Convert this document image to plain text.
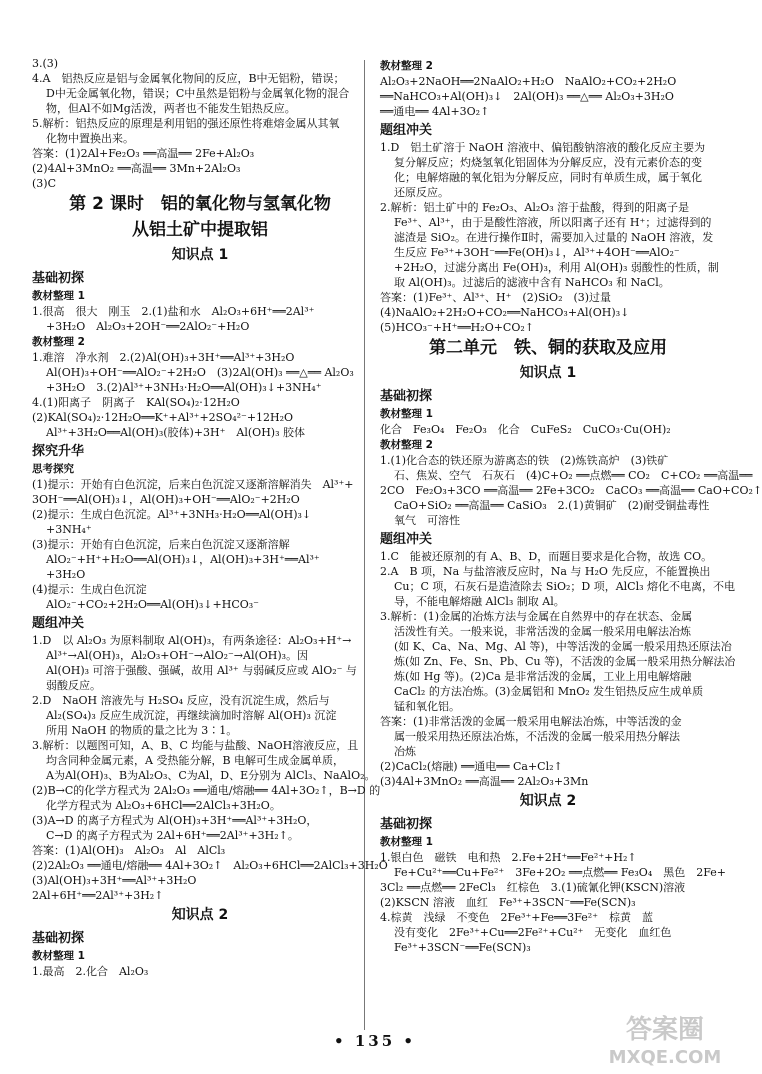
3.(3)
4.A　铝热反应是铝与金属氧化物间的反应，B中无铝粉，错误；
D中无金属氧化物，错误；C中虽然是铝粉与金属氧化物的混合
物，但Al不如Mg活泼，两者也不能发生铝热反应。
5.解析：铝热反应的原理是利用铝的强还原性将难熔金属从其氧
化物中置换出来。
答案：(1)2Al+Fe₂O₃ ══高温══ 2Fe+Al₂O₃
(2)4Al+3MnO₂ ══高温══ 3Mn+2Al₂O₃
(3)C
第 2 课时　铝的氧化物与氢氧化物
从铝土矿中提取铝
知识点 1
基础初探
教材整理 1
1.很高　很大　刚玉　2.(1)盐和水　Al₂O₃+6H⁺══2Al³⁺
+3H₂O　Al₂O₃+2OH⁻══2AlO₂⁻+H₂O
教材整理 2
1.难溶　净水剂　2.(2)Al(OH)₃+3H⁺══Al³⁺+3H₂O
Al(OH)₃+OH⁻══AlO₂⁻+2H₂O　(3)2Al(OH)₃ ══△══ Al₂O₃
+3H₂O　3.(2)Al³⁺+3NH₃·H₂O══Al(OH)₃↓+3NH₄⁺
4.(1)阳离子　阴离子　KAl(SO₄)₂·12H₂O
(2)KAl(SO₄)₂·12H₂O══K⁺+Al³⁺+2SO₄²⁻+12H₂O
Al³⁺+3H₂O══Al(OH)₃(胶体)+3H⁺　Al(OH)₃ 胶体
探究升华
思考探究
(1)提示：开始有白色沉淀，后来白色沉淀又逐渐溶解消失　Al³⁺+
3OH⁻══Al(OH)₃↓，Al(OH)₃+OH⁻══AlO₂⁻+2H₂O
(2)提示：生成白色沉淀。Al³⁺+3NH₃·H₂O══Al(OH)₃↓
+3NH₄⁺
(3)提示：开始有白色沉淀，后来白色沉淀又逐渐溶解
AlO₂⁻+H⁺+H₂O══Al(OH)₃↓，Al(OH)₃+3H⁺══Al³⁺
+3H₂O
(4)提示：生成白色沉淀
AlO₂⁻+CO₂+2H₂O══Al(OH)₃↓+HCO₃⁻
题组冲关
1.D　以 Al₂O₃ 为原料制取 Al(OH)₃，有两条途径：Al₂O₃+H⁺→
Al³⁺→Al(OH)₃，Al₂O₃+OH⁻→AlO₂⁻→Al(OH)₃。因
Al(OH)₃ 可溶于强酸、强碱，故用 Al³⁺ 与弱碱反应或 AlO₂⁻ 与
弱酸反应。
2.D　NaOH 溶液先与 H₂SO₄ 反应，没有沉淀生成，然后与
Al₂(SO₄)₃ 反应生成沉淀，再继续滴加时溶解 Al(OH)₃ 沉淀
所用 NaOH 的物质的量之比为 3∶1。
3.解析：以题图可知，A、B、C 均能与盐酸、NaOH溶液反应，且
均含同种金属元素，A 受热能分解，B 电解可生成金属单质，
A为Al(OH)₃、B为Al₂O₃、C为Al，D、E分别为 AlCl₃、NaAlO₂。
(2)B→C的化学方程式为 2Al₂O₃ ══通电/熔融══ 4Al+3O₂↑，B→D 的
化学方程式为 Al₂O₃+6HCl══2AlCl₃+3H₂O。
(3)A→D 的离子方程式为 Al(OH)₃+3H⁺══Al³⁺+3H₂O，
C→D 的离子方程式为 2Al+6H⁺══2Al³⁺+3H₂↑。
答案：(1)Al(OH)₃　Al₂O₃　Al　AlCl₃
(2)2Al₂O₃ ══通电/熔融══ 4Al+3O₂↑　Al₂O₃+6HCl══2AlCl₃+3H₂O
(3)Al(OH)₃+3H⁺══Al³⁺+3H₂O
2Al+6H⁺══2Al³⁺+3H₂↑
知识点 2
基础初探
教材整理 1
1.最高　2.化合　Al₂O₃
教材整理 2
Al₂O₃+2NaOH══2NaAlO₂+H₂O　NaAlO₂+CO₂+2H₂O
══NaHCO₃+Al(OH)₃↓　2Al(OH)₃ ══△══ Al₂O₃+3H₂O
══通电══ 4Al+3O₂↑
题组冲关
1.D　铝土矿溶于 NaOH 溶液中、偏铝酸钠溶液的酸化反应主要为
复分解反应；灼烧氢氧化铝固体为分解反应，没有元素价态的变
化；电解熔融的氧化铝为分解反应，同时有单质生成，属于氧化
还原反应。
2.解析：铝土矿中的 Fe₂O₃、Al₂O₃ 溶于盐酸，得到的阳离子是
Fe³⁺、Al³⁺，由于是酸性溶液，所以阳离子还有 H⁺；过滤得到的
滤渣是 SiO₂。在进行操作Ⅱ时，需要加入过量的 NaOH 溶液，发
生反应 Fe³⁺+3OH⁻══Fe(OH)₃↓，Al³⁺+4OH⁻══AlO₂⁻
+2H₂O，过滤分离出 Fe(OH)₃，利用 Al(OH)₃ 弱酸性的性质，制
取 Al(OH)₃。过滤后的滤液中含有 NaHCO₃ 和 NaCl。
答案：(1)Fe³⁺、Al³⁺、H⁺　(2)SiO₂　(3)过量
(4)NaAlO₂+2H₂O+CO₂══NaHCO₃+Al(OH)₃↓
(5)HCO₃⁻+H⁺══H₂O+CO₂↑
第二单元　铁、铜的获取及应用
知识点 1
基础初探
教材整理 1
化合　Fe₃O₄　Fe₂O₃　化合　CuFeS₂　CuCO₃·Cu(OH)₂
教材整理 2
1.(1)化合态的铁还原为游离态的铁　(2)炼铁高炉　(3)铁矿
石、焦炭、空气　石灰石　(4)C+O₂ ══点燃══ CO₂　C+CO₂ ══高温══
2CO　Fe₂O₃+3CO ══高温══ 2Fe+3CO₂　CaCO₃ ══高温══ CaO+CO₂↑
CaO+SiO₂ ══高温══ CaSiO₃　2.(1)黄铜矿　(2)耐受铜盐毒性
氧气　可溶性
题组冲关
1.C　能被还原剂的有 A、B、D，而题目要求是化合物，故选 CO。
2.A　B 项，Na 与盐溶液反应时，Na 与 H₂O 先反应，不能置换出
Cu；C 项，石灰石是造渣除去 SiO₂；D 项，AlCl₃ 熔化不电离，不电
导，不能电解熔融 AlCl₃ 制取 Al。
3.解析：(1)金属的冶炼方法与金属在自然界中的存在状态、金属
活泼性有关。一般来说，非常活泼的金属一般采用电解法冶炼
(如 K、Ca、Na、Mg、Al 等)，中等活泼的金属一般采用热还原法冶
炼(如 Zn、Fe、Sn、Pb、Cu 等)，不活泼的金属一般采用热分解法冶
炼(如 Hg 等)。(2)Ca 是非常活泼的金属，工业上用电解熔融
CaCl₂ 的方法冶炼。(3)金属铝和 MnO₂ 发生铝热反应生成单质
锰和氧化铝。
答案：(1)非常活泼的金属一般采用电解法冶炼，中等活泼的金
属一般采用热还原法冶炼，不活泼的金属一般采用热分解法
冶炼
(2)CaCl₂(熔融) ══通电══ Ca+Cl₂↑
(3)4Al+3MnO₂ ══高温══ 2Al₂O₃+3Mn
知识点 2
基础初探
教材整理 1
1.银白色　磁铁　电和热　2.Fe+2H⁺══Fe²⁺+H₂↑
Fe+Cu²⁺══Cu+Fe²⁺　3Fe+2O₂ ══点燃══ Fe₃O₄　黑色　2Fe+
3Cl₂ ══点燃══ 2FeCl₃　红棕色　3.(1)硫氰化钾(KSCN)溶液
(2)KSCN 溶液　血红　Fe³⁺+3SCN⁻══Fe(SCN)₃
4.棕黄　浅绿　不变色　2Fe³⁺+Fe══3Fe²⁺　棕黄　蓝
没有变化　2Fe³⁺+Cu══2Fe²⁺+Cu²⁺　无变化　血红色
Fe³⁺+3SCN⁻══Fe(SCN)₃
• 135 •	答案圈
MXQE.COM
